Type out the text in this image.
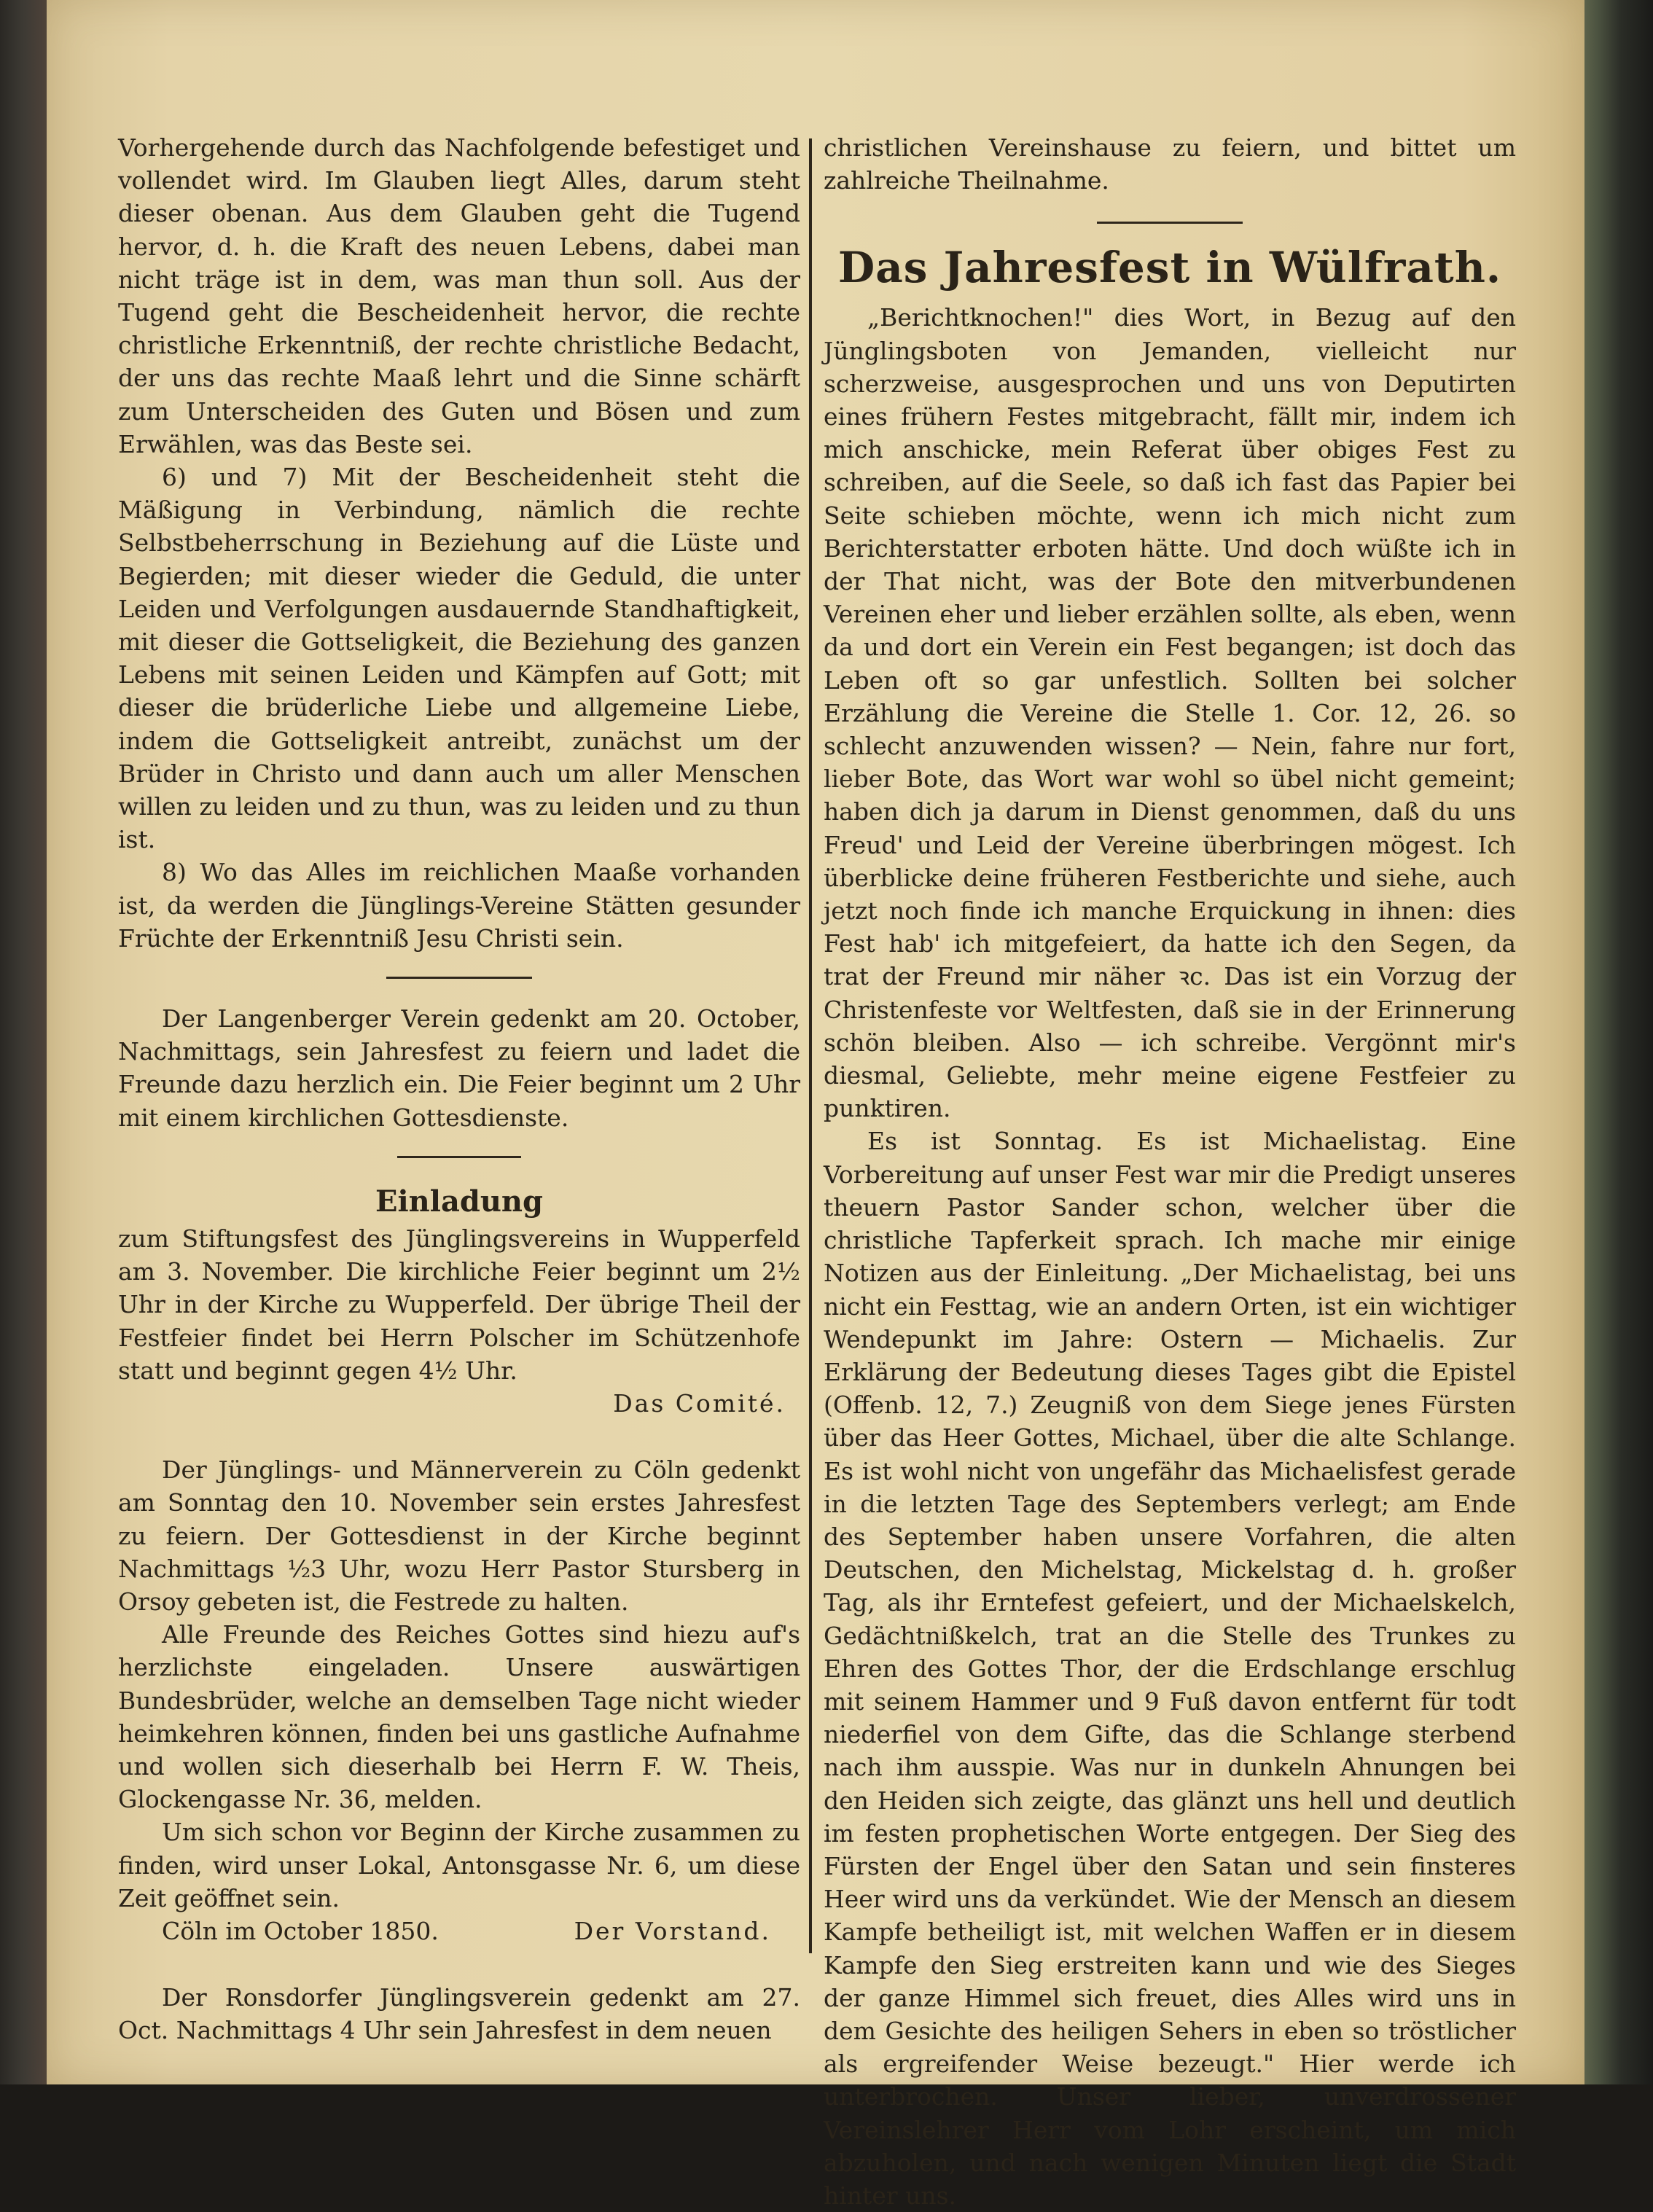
Vorhergehende durch das Nachfolgende befestiget und vollendet wird. Im Glauben liegt Alles, darum steht dieser obenan. Aus dem Glauben geht die Tugend hervor, d. h. die Kraft des neuen Lebens, dabei man nicht träge ist in dem, was man thun soll. Aus der Tugend geht die Bescheidenheit hervor, die rechte christliche Erkenntniß, der rechte christliche Bedacht, der uns das rechte Maaß lehrt und die Sinne schärft zum Unterscheiden des Guten und Bösen und zum Erwählen, was das Beste sei.

6) und 7) Mit der Bescheidenheit steht die Mäßigung in Verbindung, nämlich die rechte Selbstbeherrschung in Beziehung auf die Lüste und Begierden; mit dieser wieder die Geduld, die unter Leiden und Verfolgungen ausdauernde Standhaftigkeit, mit dieser die Gottseligkeit, die Beziehung des ganzen Lebens mit seinen Leiden und Kämpfen auf Gott; mit dieser die brüderliche Liebe und allgemeine Liebe, indem die Gottseligkeit antreibt, zunächst um der Brüder in Christo und dann auch um aller Menschen willen zu leiden und zu thun, was zu leiden und zu thun ist.

8) Wo das Alles im reichlichen Maaße vorhanden ist, da werden die Jünglings-Vereine Stätten gesunder Früchte der Erkenntniß Jesu Christi sein.

Der Langenberger Verein gedenkt am 20. October, Nachmittags, sein Jahresfest zu feiern und ladet die Freunde dazu herzlich ein. Die Feier beginnt um 2 Uhr mit einem kirchlichen Gottesdienste.

Einladung

zum Stiftungsfest des Jünglingsvereins in Wupperfeld am 3. November. Die kirchliche Feier beginnt um 2½ Uhr in der Kirche zu Wupperfeld. Der übrige Theil der Festfeier findet bei Herrn Polscher im Schützenhofe statt und beginnt gegen 4½ Uhr.

Das Comité.

Der Jünglings- und Männerverein zu Cöln gedenkt am Sonntag den 10. November sein erstes Jahresfest zu feiern. Der Gottesdienst in der Kirche beginnt Nachmittags ½3 Uhr, wozu Herr Pastor Stursberg in Orsoy gebeten ist, die Festrede zu halten.

Alle Freunde des Reiches Gottes sind hiezu auf's herzlichste eingeladen. Unsere auswärtigen Bundesbrüder, welche an demselben Tage nicht wieder heimkehren können, finden bei uns gastliche Aufnahme und wollen sich dieserhalb bei Herrn F. W. Theis, Glockengasse Nr. 36, melden.

Um sich schon vor Beginn der Kirche zusammen zu finden, wird unser Lokal, Antonsgasse Nr. 6, um diese Zeit geöffnet sein.

Cöln im October 1850.	Der Vorstand.

Der Ronsdorfer Jünglingsverein gedenkt am 27. Oct. Nachmittags 4 Uhr sein Jahresfest in dem neuen

christlichen Vereinshause zu feiern, und bittet um zahlreiche Theilnahme.

Das Jahresfest in Wülfrath.

„Berichtknochen!" dies Wort, in Bezug auf den Jünglingsboten von Jemanden, vielleicht nur scherzweise, ausgesprochen und uns von Deputirten eines frühern Festes mitgebracht, fällt mir, indem ich mich anschicke, mein Referat über obiges Fest zu schreiben, auf die Seele, so daß ich fast das Papier bei Seite schieben möchte, wenn ich mich nicht zum Berichterstatter erboten hätte. Und doch wüßte ich in der That nicht, was der Bote den mitverbundenen Vereinen eher und lieber erzählen sollte, als eben, wenn da und dort ein Verein ein Fest begangen; ist doch das Leben oft so gar unfestlich. Sollten bei solcher Erzählung die Vereine die Stelle 1. Cor. 12, 26. so schlecht anzuwenden wissen? — Nein, fahre nur fort, lieber Bote, das Wort war wohl so übel nicht gemeint; haben dich ja darum in Dienst genommen, daß du uns Freud' und Leid der Vereine überbringen mögest. Ich überblicke deine früheren Festberichte und siehe, auch jetzt noch finde ich manche Erquickung in ihnen: dies Fest hab' ich mitgefeiert, da hatte ich den Segen, da trat der Freund mir näher ꝛc. Das ist ein Vorzug der Christenfeste vor Weltfesten, daß sie in der Erinnerung schön bleiben. Also — ich schreibe. Vergönnt mir's diesmal, Geliebte, mehr meine eigene Festfeier zu punktiren.

Es ist Sonntag. Es ist Michaelistag. Eine Vorbereitung auf unser Fest war mir die Predigt unseres theuern Pastor Sander schon, welcher über die christliche Tapferkeit sprach. Ich mache mir einige Notizen aus der Einleitung. „Der Michaelistag, bei uns nicht ein Festtag, wie an andern Orten, ist ein wichtiger Wendepunkt im Jahre: Ostern — Michaelis. Zur Erklärung der Bedeutung dieses Tages gibt die Epistel (Offenb. 12, 7.) Zeugniß von dem Siege jenes Fürsten über das Heer Gottes, Michael, über die alte Schlange. Es ist wohl nicht von ungefähr das Michaelisfest gerade in die letzten Tage des Septembers verlegt; am Ende des September haben unsere Vorfahren, die alten Deutschen, den Michelstag, Mickelstag d. h. großer Tag, als ihr Erntefest gefeiert, und der Michaelskelch, Gedächtnißkelch, trat an die Stelle des Trunkes zu Ehren des Gottes Thor, der die Erdschlange erschlug mit seinem Hammer und 9 Fuß davon entfernt für todt niederfiel von dem Gifte, das die Schlange sterbend nach ihm ausspie. Was nur in dunkeln Ahnungen bei den Heiden sich zeigte, das glänzt uns hell und deutlich im festen prophetischen Worte entgegen. Der Sieg des Fürsten der Engel über den Satan und sein finsteres Heer wird uns da verkündet. Wie der Mensch an diesem Kampfe betheiligt ist, mit welchen Waffen er in diesem Kampfe den Sieg erstreiten kann und wie des Sieges der ganze Himmel sich freuet, dies Alles wird uns in dem Gesichte des heiligen Sehers in eben so tröstlicher als ergreifender Weise bezeugt." Hier werde ich unterbrochen. Unser lieber, unverdrossener Vereinslehrer Herr vom Lohr erscheint, um mich abzuholen, und nach wenigen Minuten liegt die Stadt hinter uns.
